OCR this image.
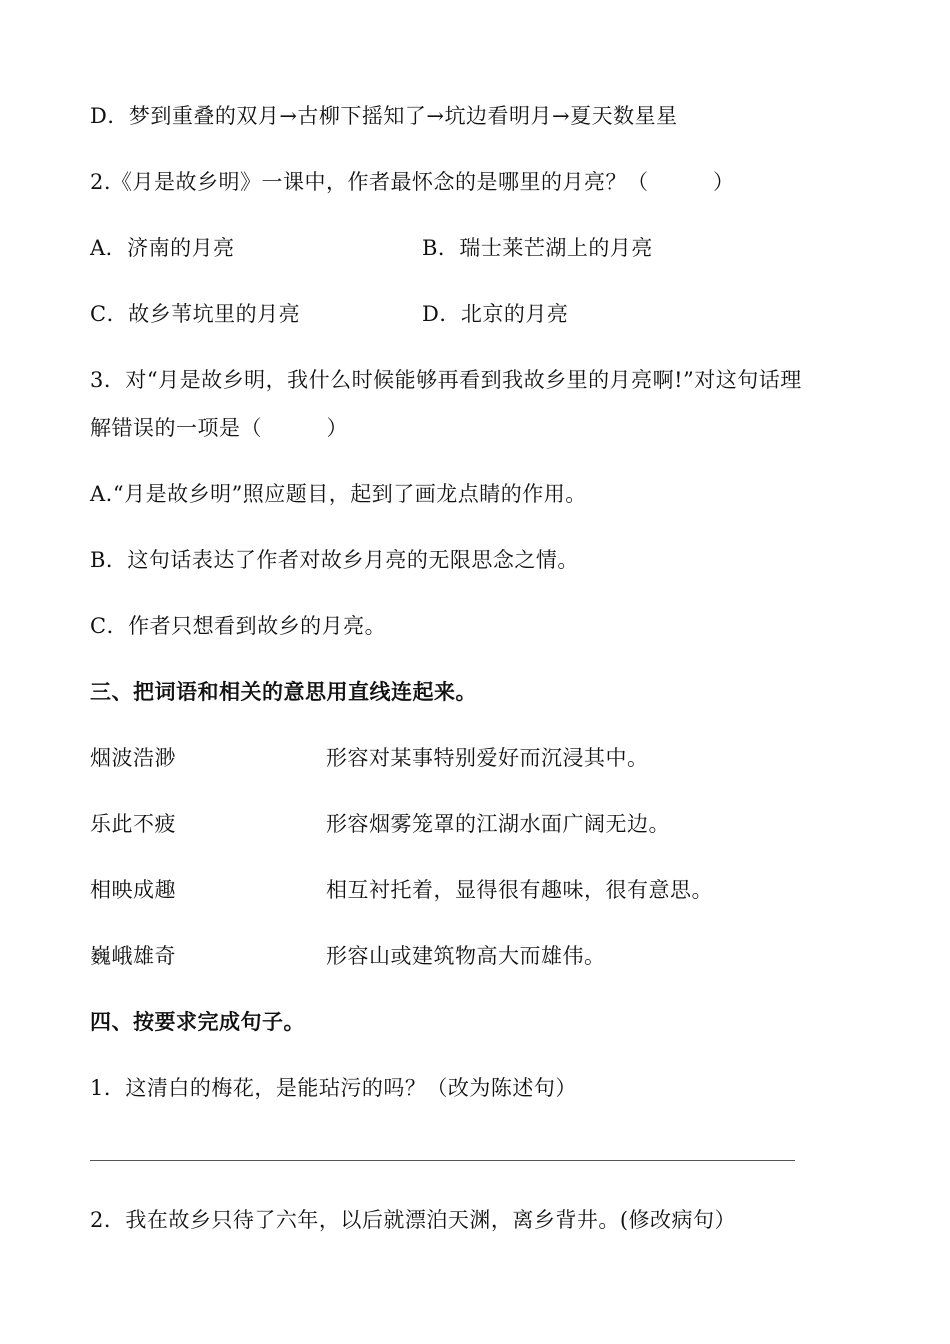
D．梦到重叠的双月→古柳下摇知了→坑边看明月→夏天数星星
2.《月是故乡明》一课中，作者最怀念的是哪里的月亮？（　　　）
A．济南的月亮	B．瑞士莱芒湖上的月亮
C．故乡苇坑里的月亮	D．北京的月亮
3．对“月是故乡明，我什么时候能够再看到我故乡里的月亮啊!”对这句话理
解错误的一项是（　　　）
A.“月是故乡明”照应题目，起到了画龙点睛的作用。
B．这句话表达了作者对故乡月亮的无限思念之情。
C．作者只想看到故乡的月亮。
三、把词语和相关的意思用直线连起来。
烟波浩渺	形容对某事特别爱好而沉浸其中。
乐此不疲	形容烟雾笼罩的江湖水面广阔无边。
相映成趣	相互衬托着，显得很有趣味，很有意思。
巍峨雄奇	形容山或建筑物高大而雄伟。
四、按要求完成句子。
1．这清白的梅花，是能玷污的吗？（改为陈述句）
2．我在故乡只待了六年，以后就漂泊天渊，离乡背井。(修改病句）
